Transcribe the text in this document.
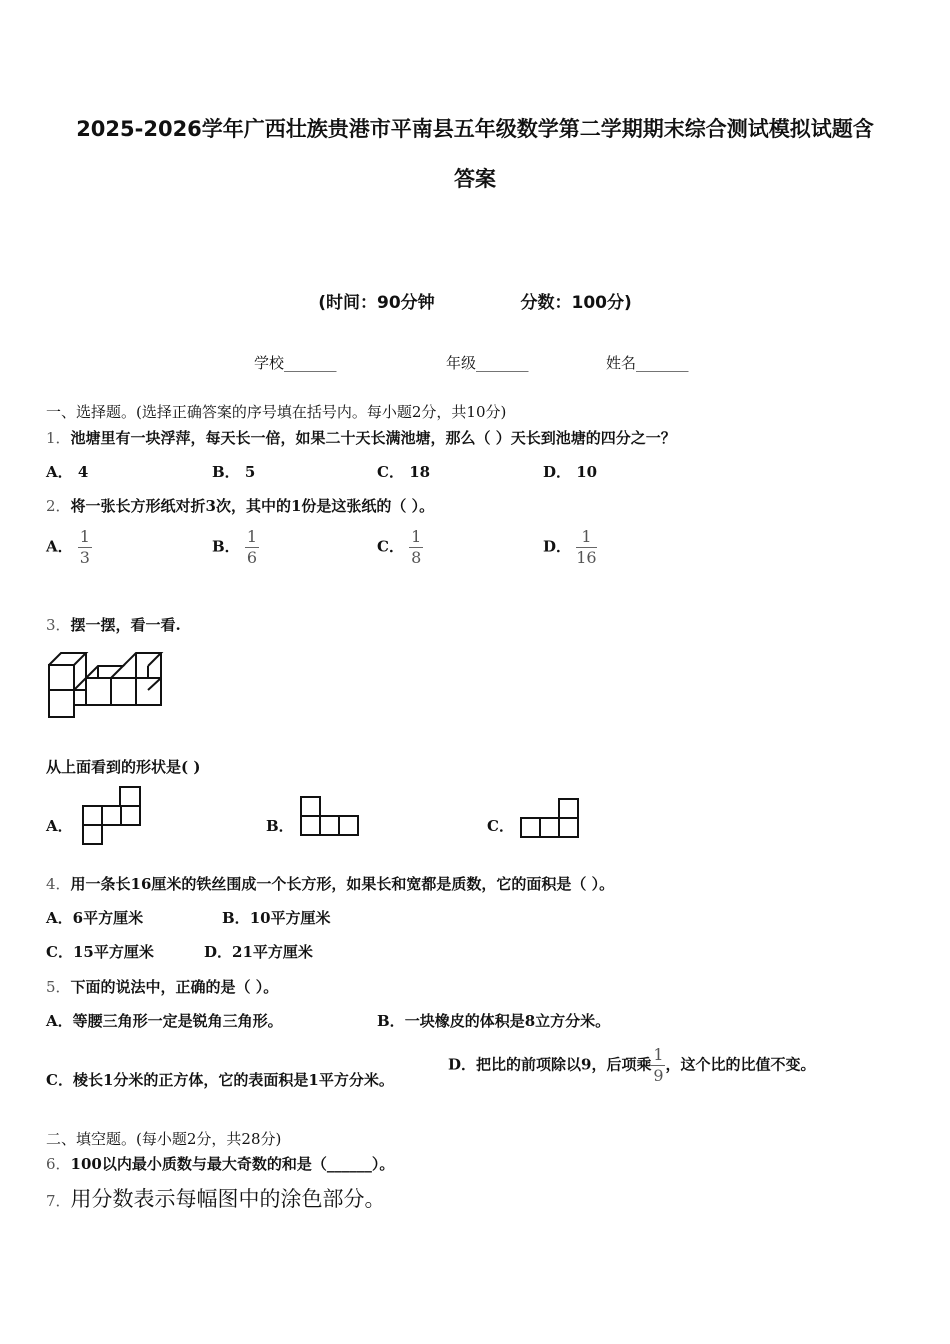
2025-2026学年广西壮族贵港市平南县五年级数学第二学期期末综合测试模拟试题含
答案
(时间：90分钟	分数：100分)
学校_______	年级_______	姓名_______
一、选择题。(选择正确答案的序号填在括号内。每小题2分，共10分)
1．池塘里有一块浮萍，每天长一倍，如果二十天长满池塘，那么（ ）天长到池塘的四分之一？
A． 4	B． 5	C． 18	D． 10
2．将一张长方形纸对折3次，其中的1份是这张纸的（ ）。
A． $\frac{1}{3}$	B． $\frac{1}{6}$	C． $\frac{1}{8}$	D． $\frac{1}{16}$
3．摆一摆，看一看.
从上面看到的形状是( )
A．	B．	C．
4．用一条长16厘米的铁丝围成一个长方形，如果长和宽都是质数，它的面积是（ ）。
A．6平方厘米	B．10平方厘米
C．15平方厘米	D．21平方厘米
5．下面的说法中，正确的是（ ）。
A．等腰三角形一定是锐角三角形。	B．一块橡皮的体积是8立方分米。
C．棱长1分米的正方体，它的表面积是1平方分米。
D．把比的前项除以9，后项乘 $\frac{1}{9}$ ，这个比的比值不变。
二、填空题。(每小题2分，共28分)
6．100以内最小质数与最大奇数的和是（______）。
7．用分数表示每幅图中的涂色部分。
